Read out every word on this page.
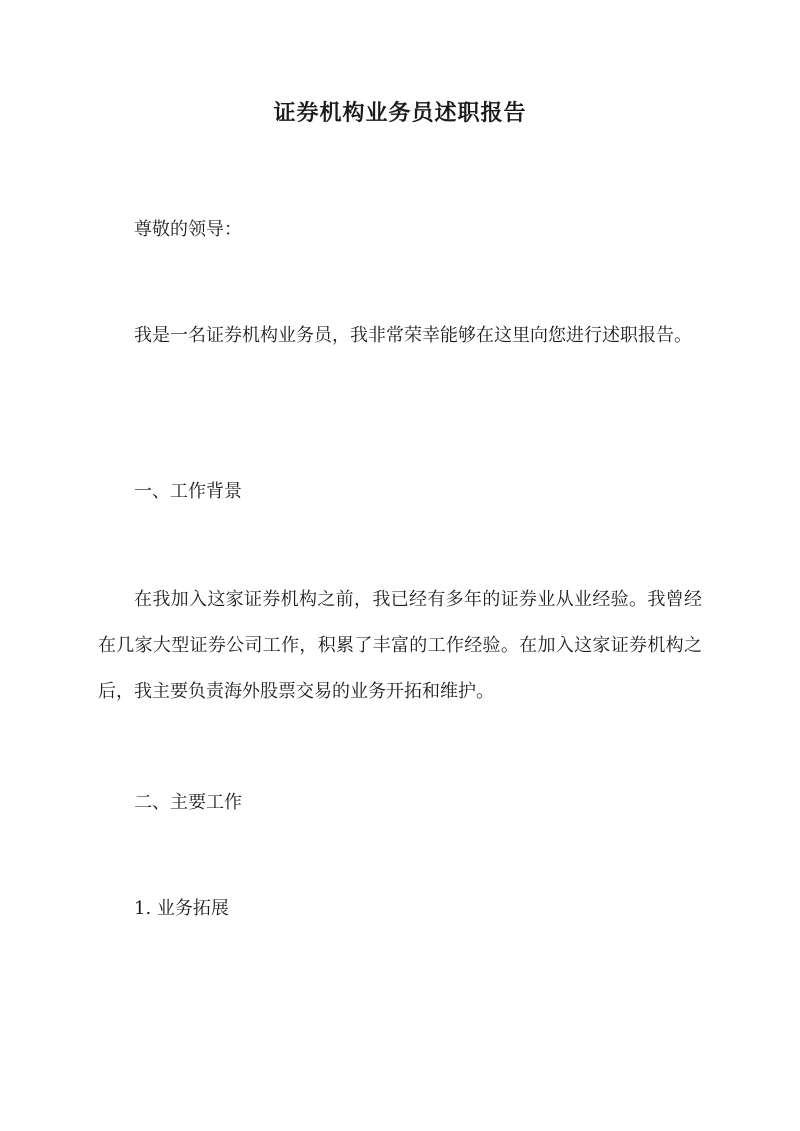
证券机构业务员述职报告

尊敬的领导：

我是一名证券机构业务员，我非常荣幸能够在这里向您进行述职报告。

一、工作背景

在我加入这家证券机构之前，我已经有多年的证券业从业经验。我曾经在几家大型证券公司工作，积累了丰富的工作经验。在加入这家证券机构之后，我主要负责海外股票交易的业务开拓和维护。

二、主要工作

1. 业务拓展
